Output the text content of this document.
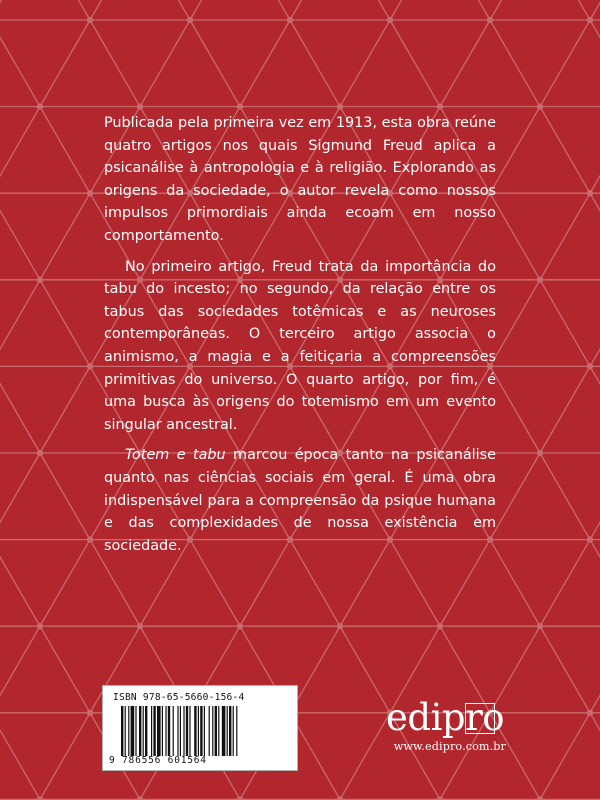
Publicada pela primeira vez em 1913, esta obra reúne quatro artigos nos quais Sigmund Freud aplica a psicanálise à antropologia e à religião. Explorando as origens da sociedade, o autor revela como nossos impulsos primordiais ainda ecoam em nosso comportamento.

No primeiro artigo, Freud trata da importância do tabu do incesto; no segundo, da relação entre os tabus das sociedades totêmicas e as neuroses contemporâneas. O terceiro artigo associa o animismo, a magia e a feitiçaria a compreensões primitivas do universo. O quarto artigo, por fim, é uma busca às origens do totemismo em um evento singular ancestral.

Totem e tabu marcou época tanto na psicanálise quanto nas ciências sociais em geral. É uma obra indispensável para a compreensão da psique humana e das complexidades de nossa existência em sociedade.

ISBN 978-65-5660-156-4
9 786556 601564
edipro
www.edipro.com.br
